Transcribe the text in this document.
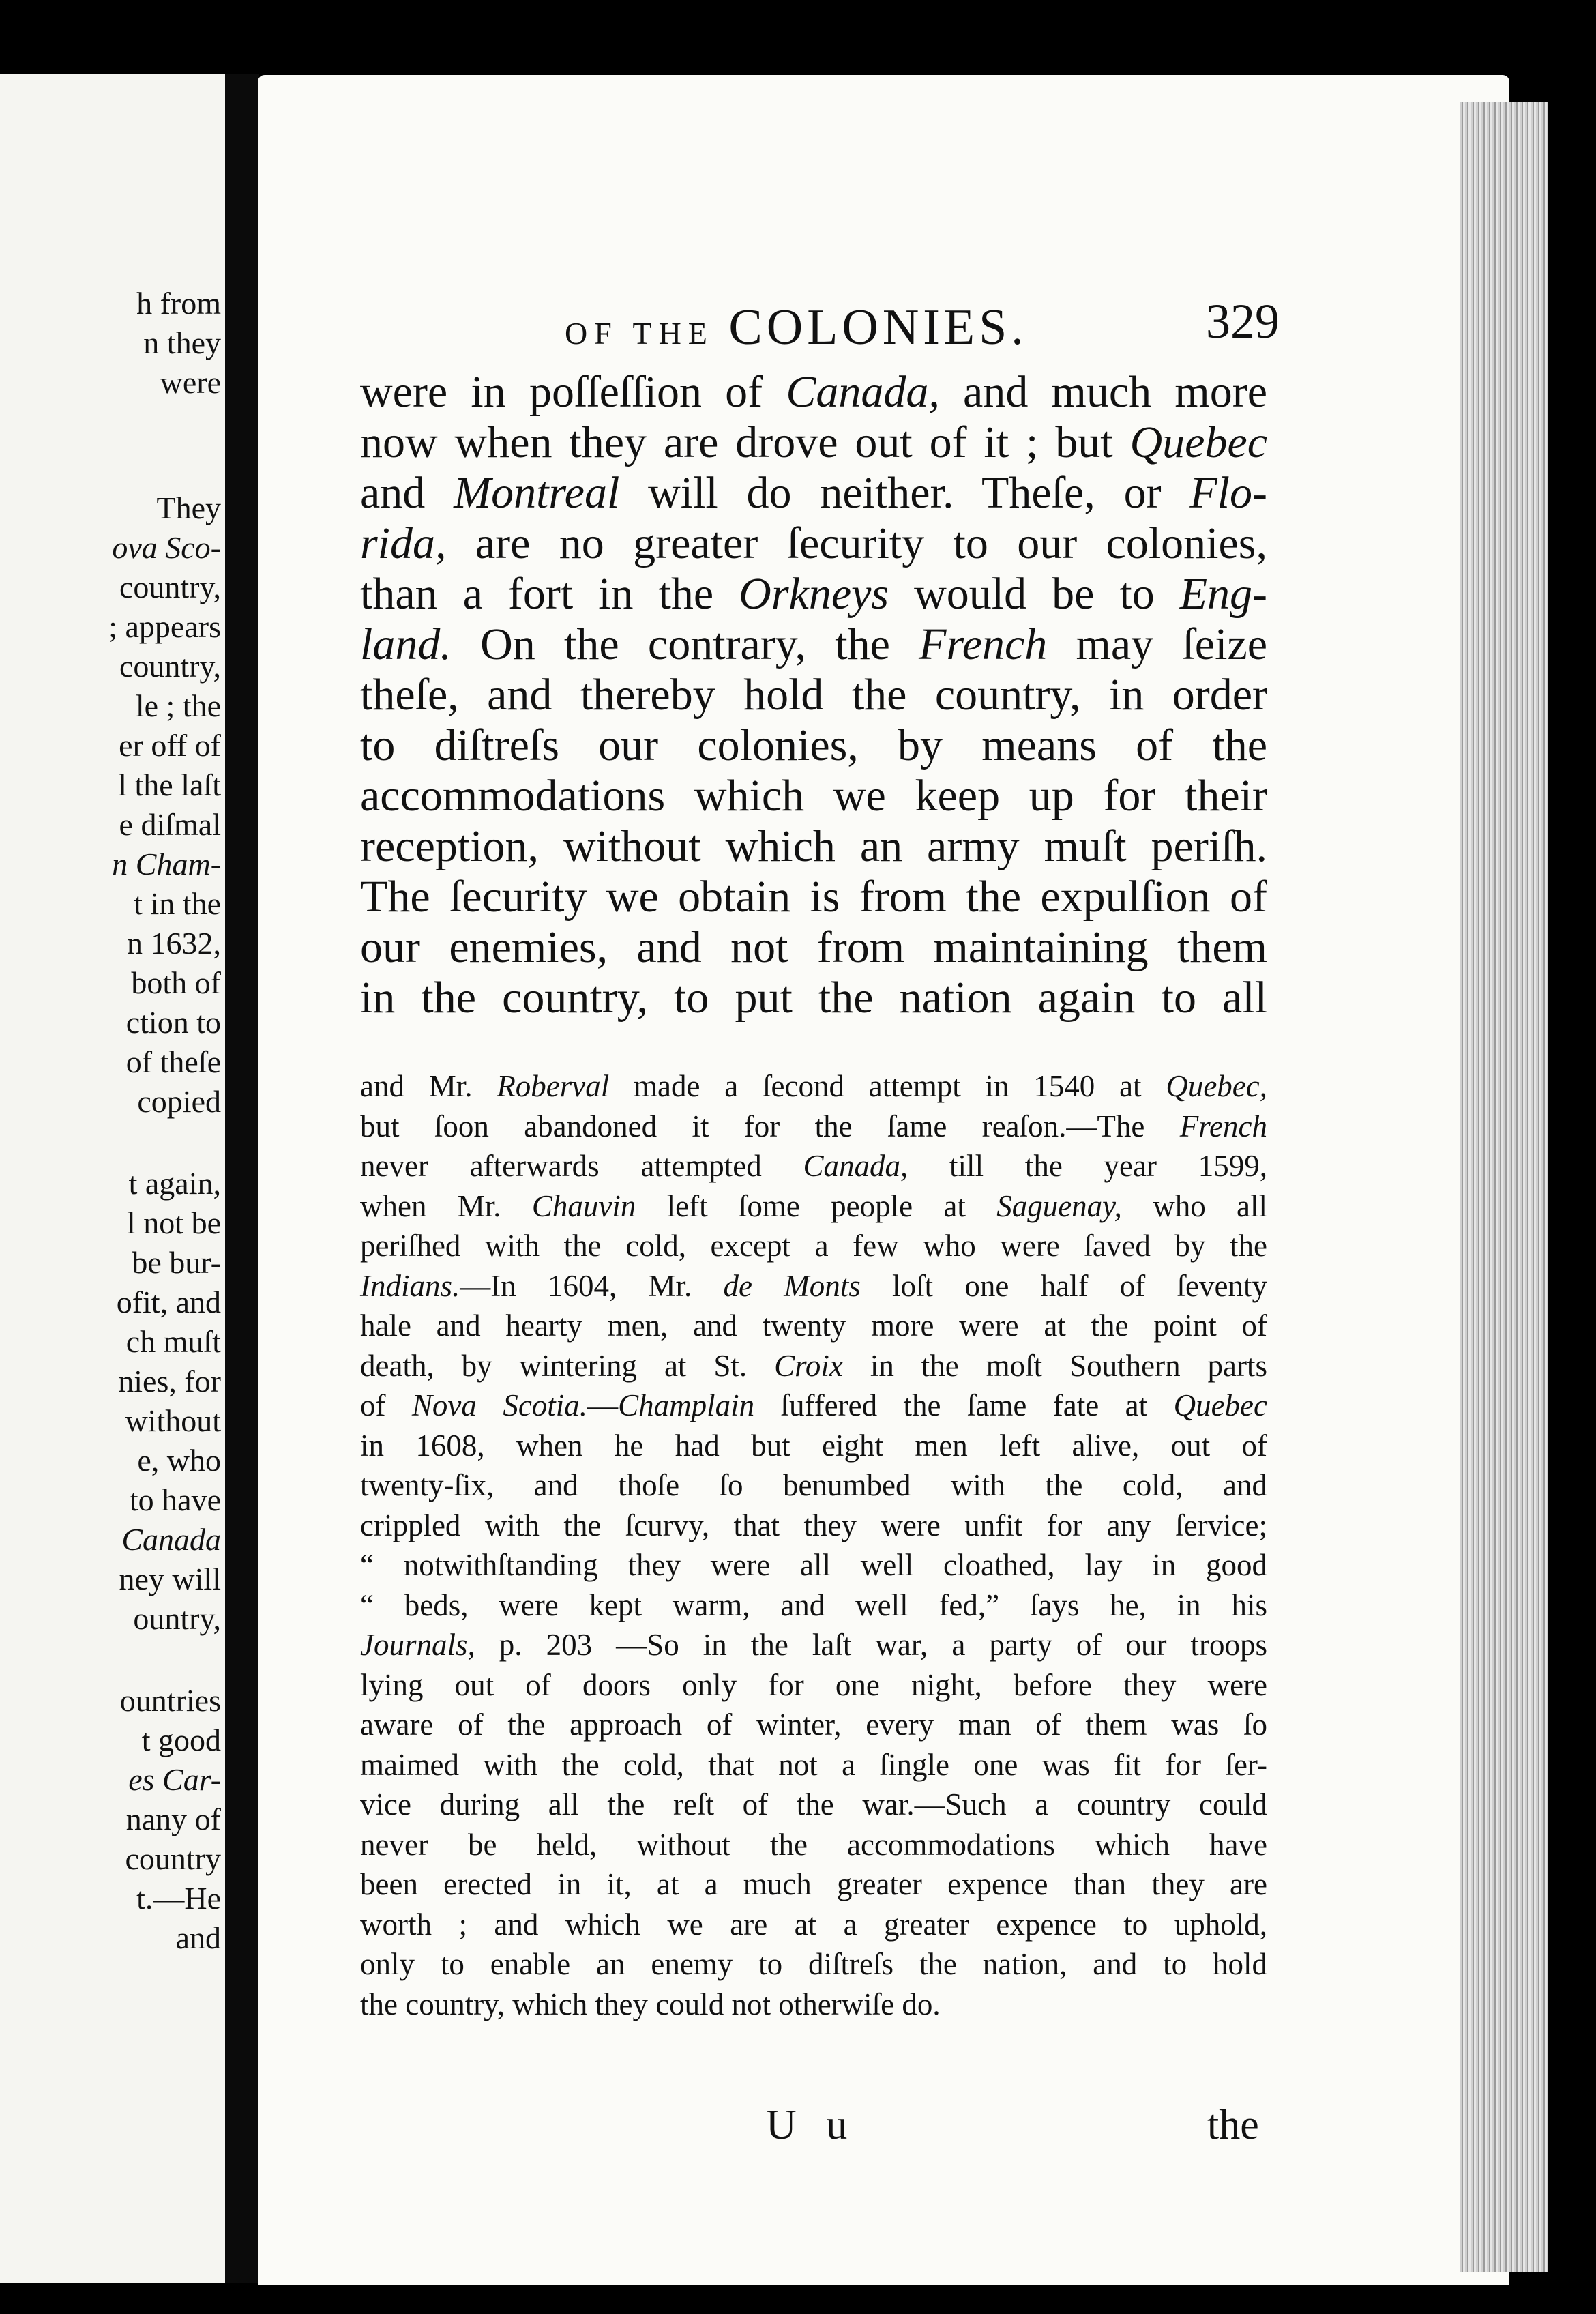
h from
n they
were
They
ova Sco-
country,
; appears
country,
le ; the
er off of
l the laſt
e diſmal
n Cham-
t in the
n 1632,
both of
ction to
of theſe
copied
t again,
l not be
be bur-
ofit, and
ch muſt
nies, for
without
e, who
to have
Canada
ney will
ountry,
ountries
t good
es Car-
nany of
country
t.—He
and
OF THE COLONIES.	329
were in poſſeſſion of Canada, and much more
now when they are drove out of it ; but Quebec
and Montreal will do neither. Theſe, or Flo-
rida, are no greater ſecurity to our colonies,
than a fort in the Orkneys would be to Eng-
land. On the contrary, the French may ſeize
theſe, and thereby hold the country, in order
to diſtreſs our colonies, by means of the
accommodations which we keep up for their
reception, without which an army muſt periſh.
The ſecurity we obtain is from the expulſion of
our enemies, and not from maintaining them
in the country, to put the nation again to all
and Mr. Roberval made a ſecond attempt in 1540 at Quebec,
but ſoon abandoned it for the ſame reaſon.—The French
never afterwards attempted Canada, till the year 1599,
when Mr. Chauvin left ſome people at Saguenay, who all
periſhed with the cold, except a few who were ſaved by the
Indians.—In 1604, Mr. de Monts loſt one half of ſeventy
hale and hearty men, and twenty more were at the point of
death, by wintering at St. Croix in the moſt Southern parts
of Nova Scotia.—Champlain ſuffered the ſame fate at Quebec
in 1608, when he had but eight men left alive, out of
twenty-ſix, and thoſe ſo benumbed with the cold, and
crippled with the ſcurvy, that they were unfit for any ſervice;
“ notwithſtanding they were all well cloathed, lay in good
“ beds, were kept warm, and well fed,” ſays he, in his
Journals, p. 203 —So in the laſt war, a party of our troops
lying out of doors only for one night, before they were
aware of the approach of winter, every man of them was ſo
maimed with the cold, that not a ſingle one was fit for ſer-
vice during all the reſt of the war.—Such a country could
never be held, without the accommodations which have
been erected in it, at a much greater expence than they are
worth ; and which we are at a greater expence to uphold,
only to enable an enemy to diſtreſs the nation, and to hold
the country, which they could not otherwiſe do.
U u	the
